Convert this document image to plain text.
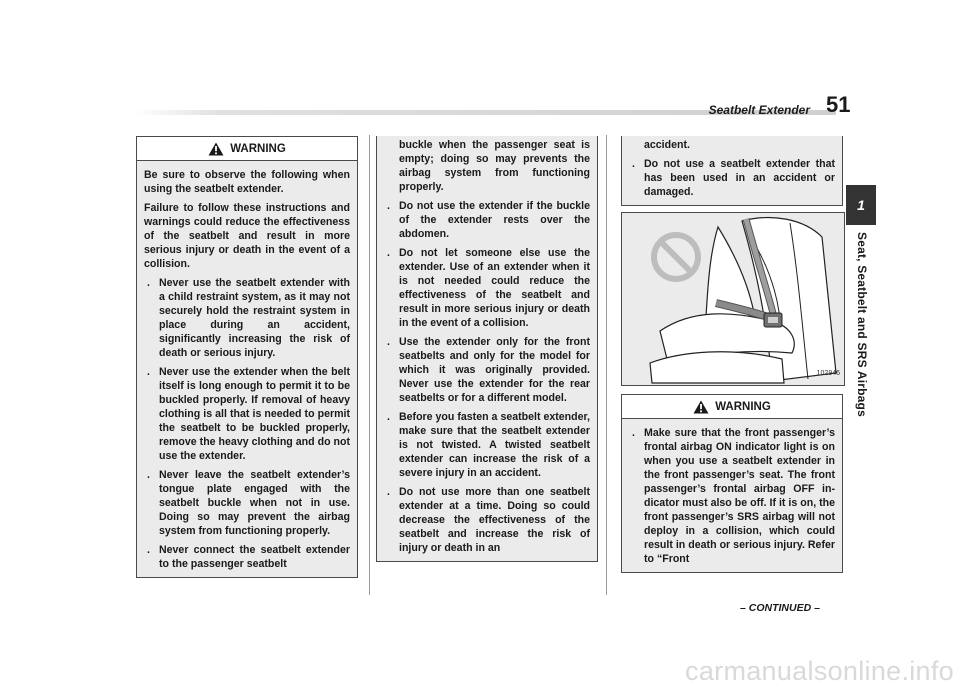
Seatbelt Extender 51
1
Seat, Seatbelt and SRS Airbags
WARNING

Be sure to observe the following when using the seatbelt extender.

Failure to follow these instructions and warnings could reduce the effectiveness of the seatbelt and result in more serious injury or death in the event of a collision.

. Never use the seatbelt extender with a child restraint system, as it may not securely hold the restraint system in place during an accident, significantly increasing the risk of death or serious injury.
. Never use the extender when the belt itself is long enough to permit it to be buckled properly. If removal of heavy clothing is all that is needed to permit the seatbelt to be buckled properly, remove the heavy clothing and do not use the extender.
. Never leave the seatbelt extender’s tongue plate engaged with the seatbelt buckle when not in use. Doing so may prevent the airbag system from functioning properly.
. Never connect the seatbelt extender to the passenger seatbelt

buckle when the passenger seat is empty; doing so may prevents the airbag system from functioning properly.

. Do not use the extender if the buckle of the extender rests over the abdomen.
. Do not let someone else use the extender. Use of an extender when it is not needed could reduce the effectiveness of the seatbelt and result in more serious injury or death in the event of a collision.
. Use the extender only for the front seatbelts and only for the model for which it was originally provided. Never use the extender for the rear seatbelts or for a different model.
. Before you fasten a seatbelt extender, make sure that the seatbelt extender is not twisted. A twisted seatbelt extender can increase the risk of a severe injury in an accident.
. Do not use more than one seatbelt extender at a time. Doing so could decrease the effectiveness of the seatbelt and increase the risk of injury or death in an

accident.

. Do not use a seatbelt extender that has been used in an accident or damaged.
102946
WARNING
. Make sure that the front passenger’s frontal airbag ON indicator light is on when you use a seatbelt extender in the front passenger’s seat. The front passenger’s frontal airbag OFF indicator must also be off. If it is on, the front passenger’s SRS airbag will not deploy in a collision, which could result in death or serious injury. Refer to “Front
– CONTINUED –
carmanualsonline.info
